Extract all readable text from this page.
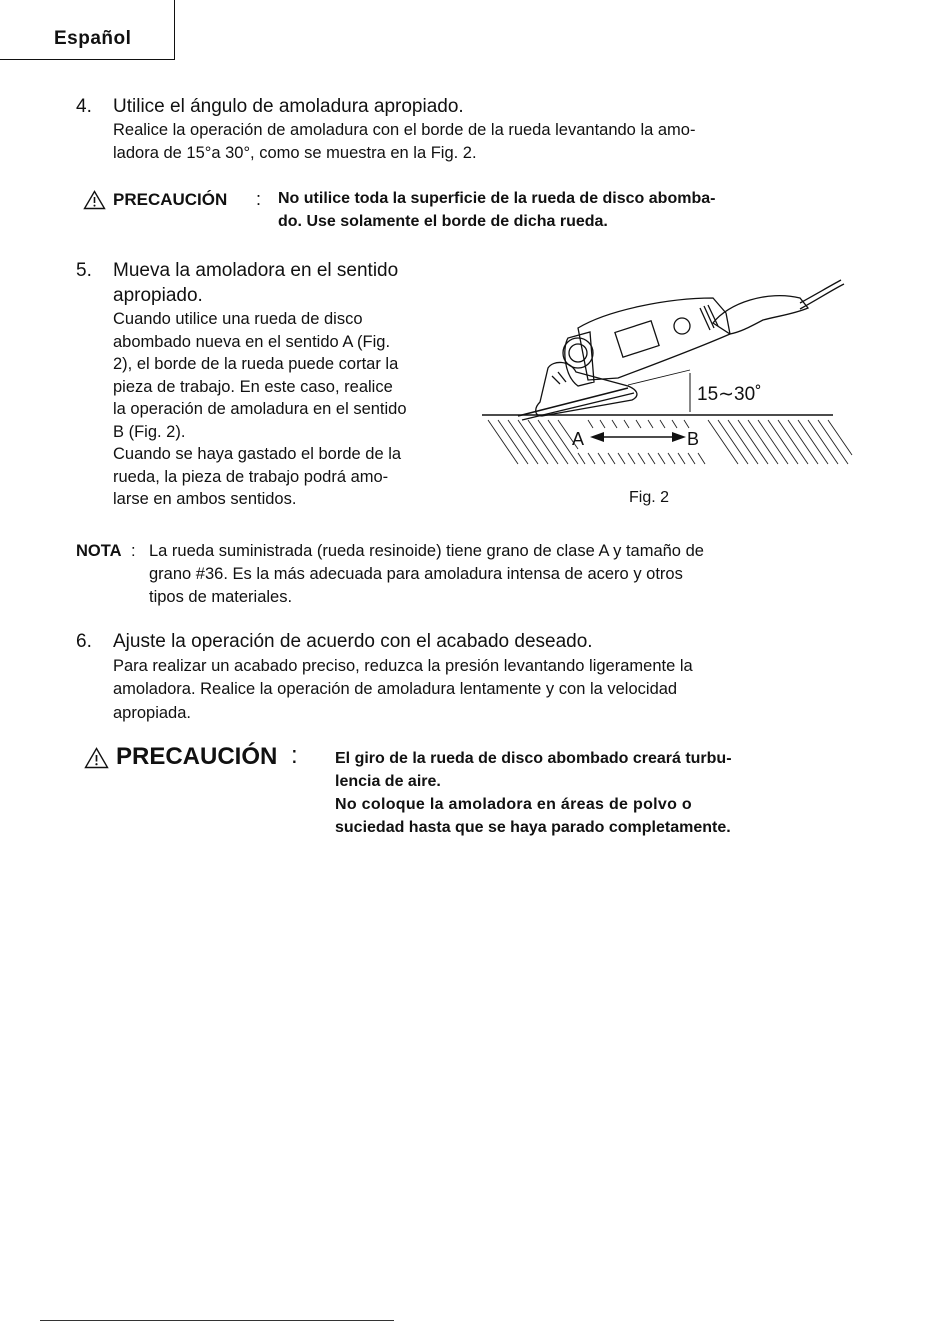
Español
4. Utilice el ángulo de amoladura apropiado.
Realice la operación de amoladura con el borde de la rueda levantando la amo-
ladora de 15°a 30°, como se muestra en la Fig. 2.
PRECAUCIÓN : No utilice toda la superficie de la rueda de disco abomba-
do. Use solamente el borde de dicha rueda.
5. Mueva la amoladora en el sentido
apropiado.
Cuando utilice una rueda de disco
abombado nueva en el sentido A (Fig.
2), el borde de la rueda puede cortar la
pieza de trabajo. En este caso, realice
la operación de amoladura en el sentido
B (Fig. 2).
Cuando se haya gastado el borde de la
rueda, la pieza de trabajo podrá amo-
larse en ambos sentidos.
A	B
15∼30˚
Fig. 2
NOTA : La rueda suministrada (rueda resinoide) tiene grano de clase A y tamaño de
grano #36. Es la más adecuada para amoladura intensa de acero y otros
tipos de materiales.
6. Ajuste la operación de acuerdo con el acabado deseado.
Para realizar un acabado preciso, reduzca la presión levantando ligeramente la
amoladora. Realice la operación de amoladura lentamente y con la velocidad
apropiada.
PRECAUCIÓN : El giro de la rueda de disco abombado creará turbu-
lencia de aire.
No coloque la amoladora en áreas de polvo o
suciedad hasta que se haya parado completamente.
